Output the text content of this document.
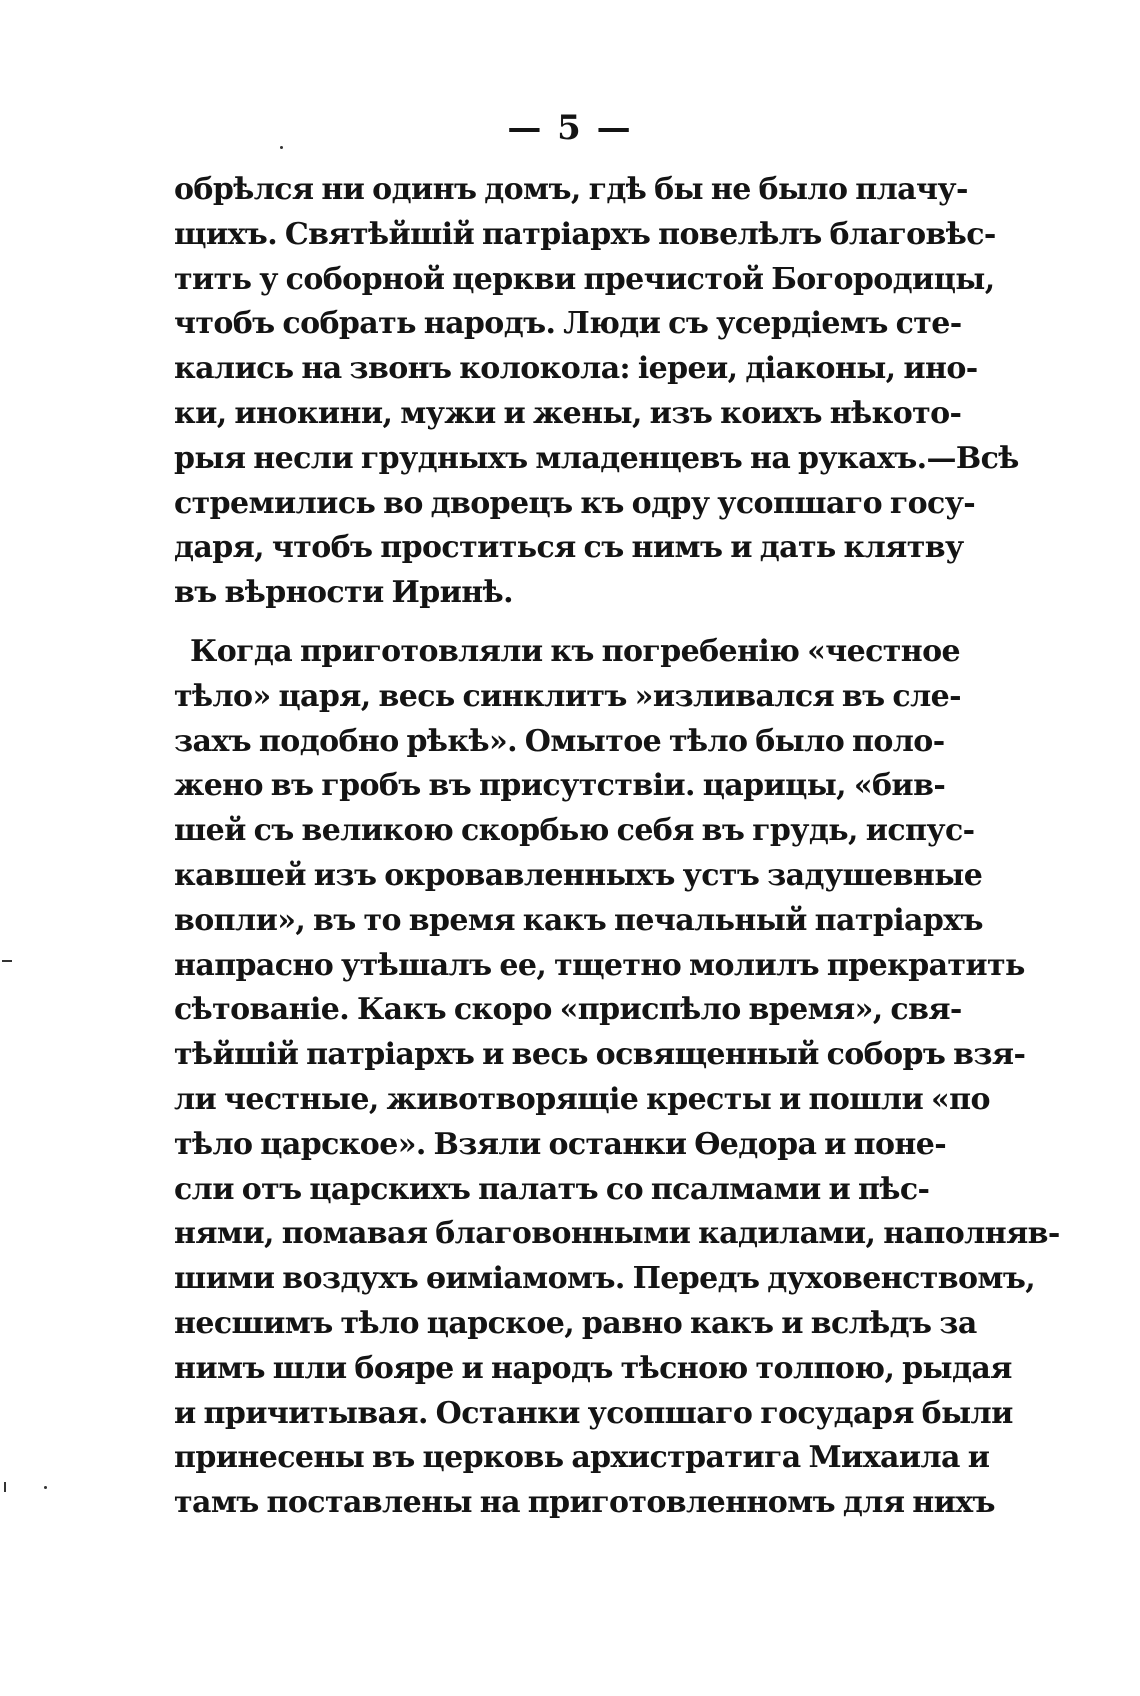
— 5 —
обрѣлся ни одинъ домъ, гдѣ бы не было плачу-
щихъ. Святѣйшій патріархъ повелѣлъ благовѣс-
тить у соборной церкви пречистой Богородицы,
чтобъ собрать народъ. Люди съ усердіемъ сте-
кались на звонъ колокола: іереи, діаконы, ино-
ки, инокини, мужи и жены, изъ коихъ нѣкото-
рыя несли грудныхъ младенцевъ на рукахъ.—Всѣ
стремились во дворецъ къ одру усопшаго госу-
даря, чтобъ проститься съ нимъ и дать клятву
въ вѣрности Иринѣ.
Когда приготовляли къ погребенію «честное
тѣло» царя, весь синклитъ »изливался въ сле-
захъ подобно рѣкѣ». Омытое тѣло было поло-
жено въ гробъ въ присутствіи. царицы, «бив-
шей съ великою скорбью себя въ грудь, испус-
кавшей изъ окровавленныхъ устъ задушевные
вопли», въ то время какъ печальный патріархъ
напрасно утѣшалъ ее, тщетно молилъ прекратить
сѣтованіе. Какъ скоро «приспѣло время», свя-
тѣйшій патріархъ и весь освященный соборъ взя-
ли честные, животворящіе кресты и пошли «по
тѣло царское». Взяли останки Өедора и поне-
сли отъ царскихъ палатъ со псалмами и пѣс-
нями, помавая благовонными кадилами, наполняв-
шими воздухъ өиміамомъ. Передъ духовенствомъ,
несшимъ тѣло царское, равно какъ и вслѣдъ за
нимъ шли бояре и народъ тѣсною толпою, рыдая
и причитывая. Останки усопшаго государя были
принесены въ церковь архистратига Михаила и
тамъ поставлены на приготовленномъ для нихъ
